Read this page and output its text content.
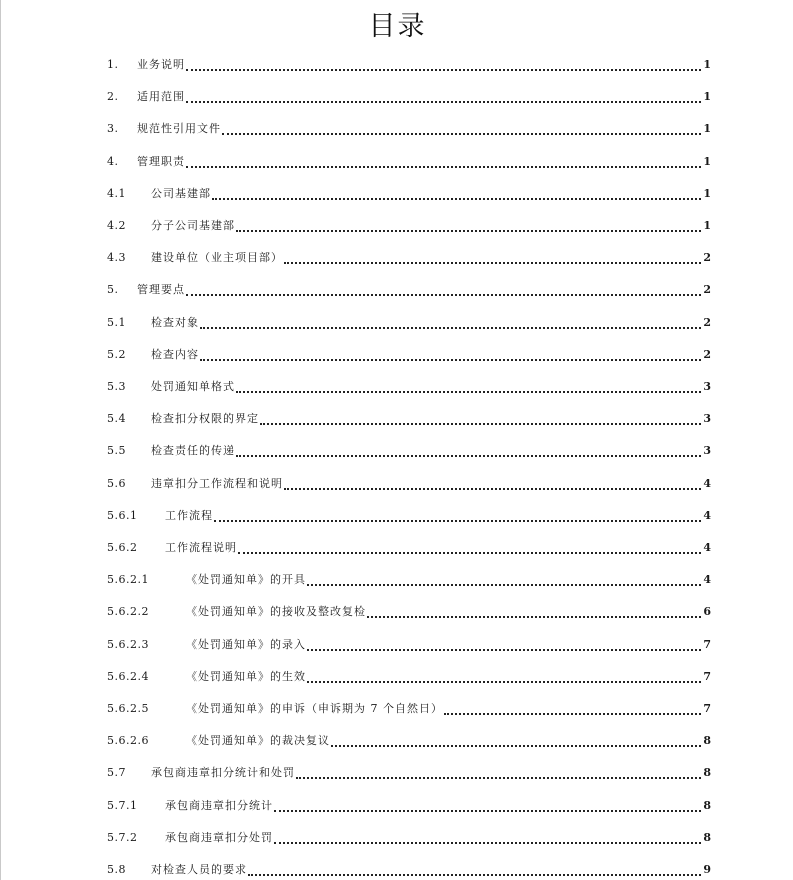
目录
1.	业务说明	1
2.	适用范围	1
3.	规范性引用文件	1
4.	管理职责	1
4.1	公司基建部	1
4.2	分子公司基建部	1
4.3	建设单位（业主项目部）	2
5.	管理要点	2
5.1	检查对象	2
5.2	检查内容	2
5.3	处罚通知单格式	3
5.4	检查扣分权限的界定	3
5.5	检查责任的传递	3
5.6	违章扣分工作流程和说明	4
5.6.1	工作流程	4
5.6.2	工作流程说明	4
5.6.2.1	《处罚通知单》的开具	4
5.6.2.2	《处罚通知单》的接收及整改复检	6
5.6.2.3	《处罚通知单》的录入	7
5.6.2.4	《处罚通知单》的生效	7
5.6.2.5	《处罚通知单》的申诉（申诉期为 7 个自然日）	7
5.6.2.6	《处罚通知单》的裁决复议	8
5.7	承包商违章扣分统计和处罚	8
5.7.1	承包商违章扣分统计	8
5.7.2	承包商违章扣分处罚	8
5.8	对检查人员的要求	9
